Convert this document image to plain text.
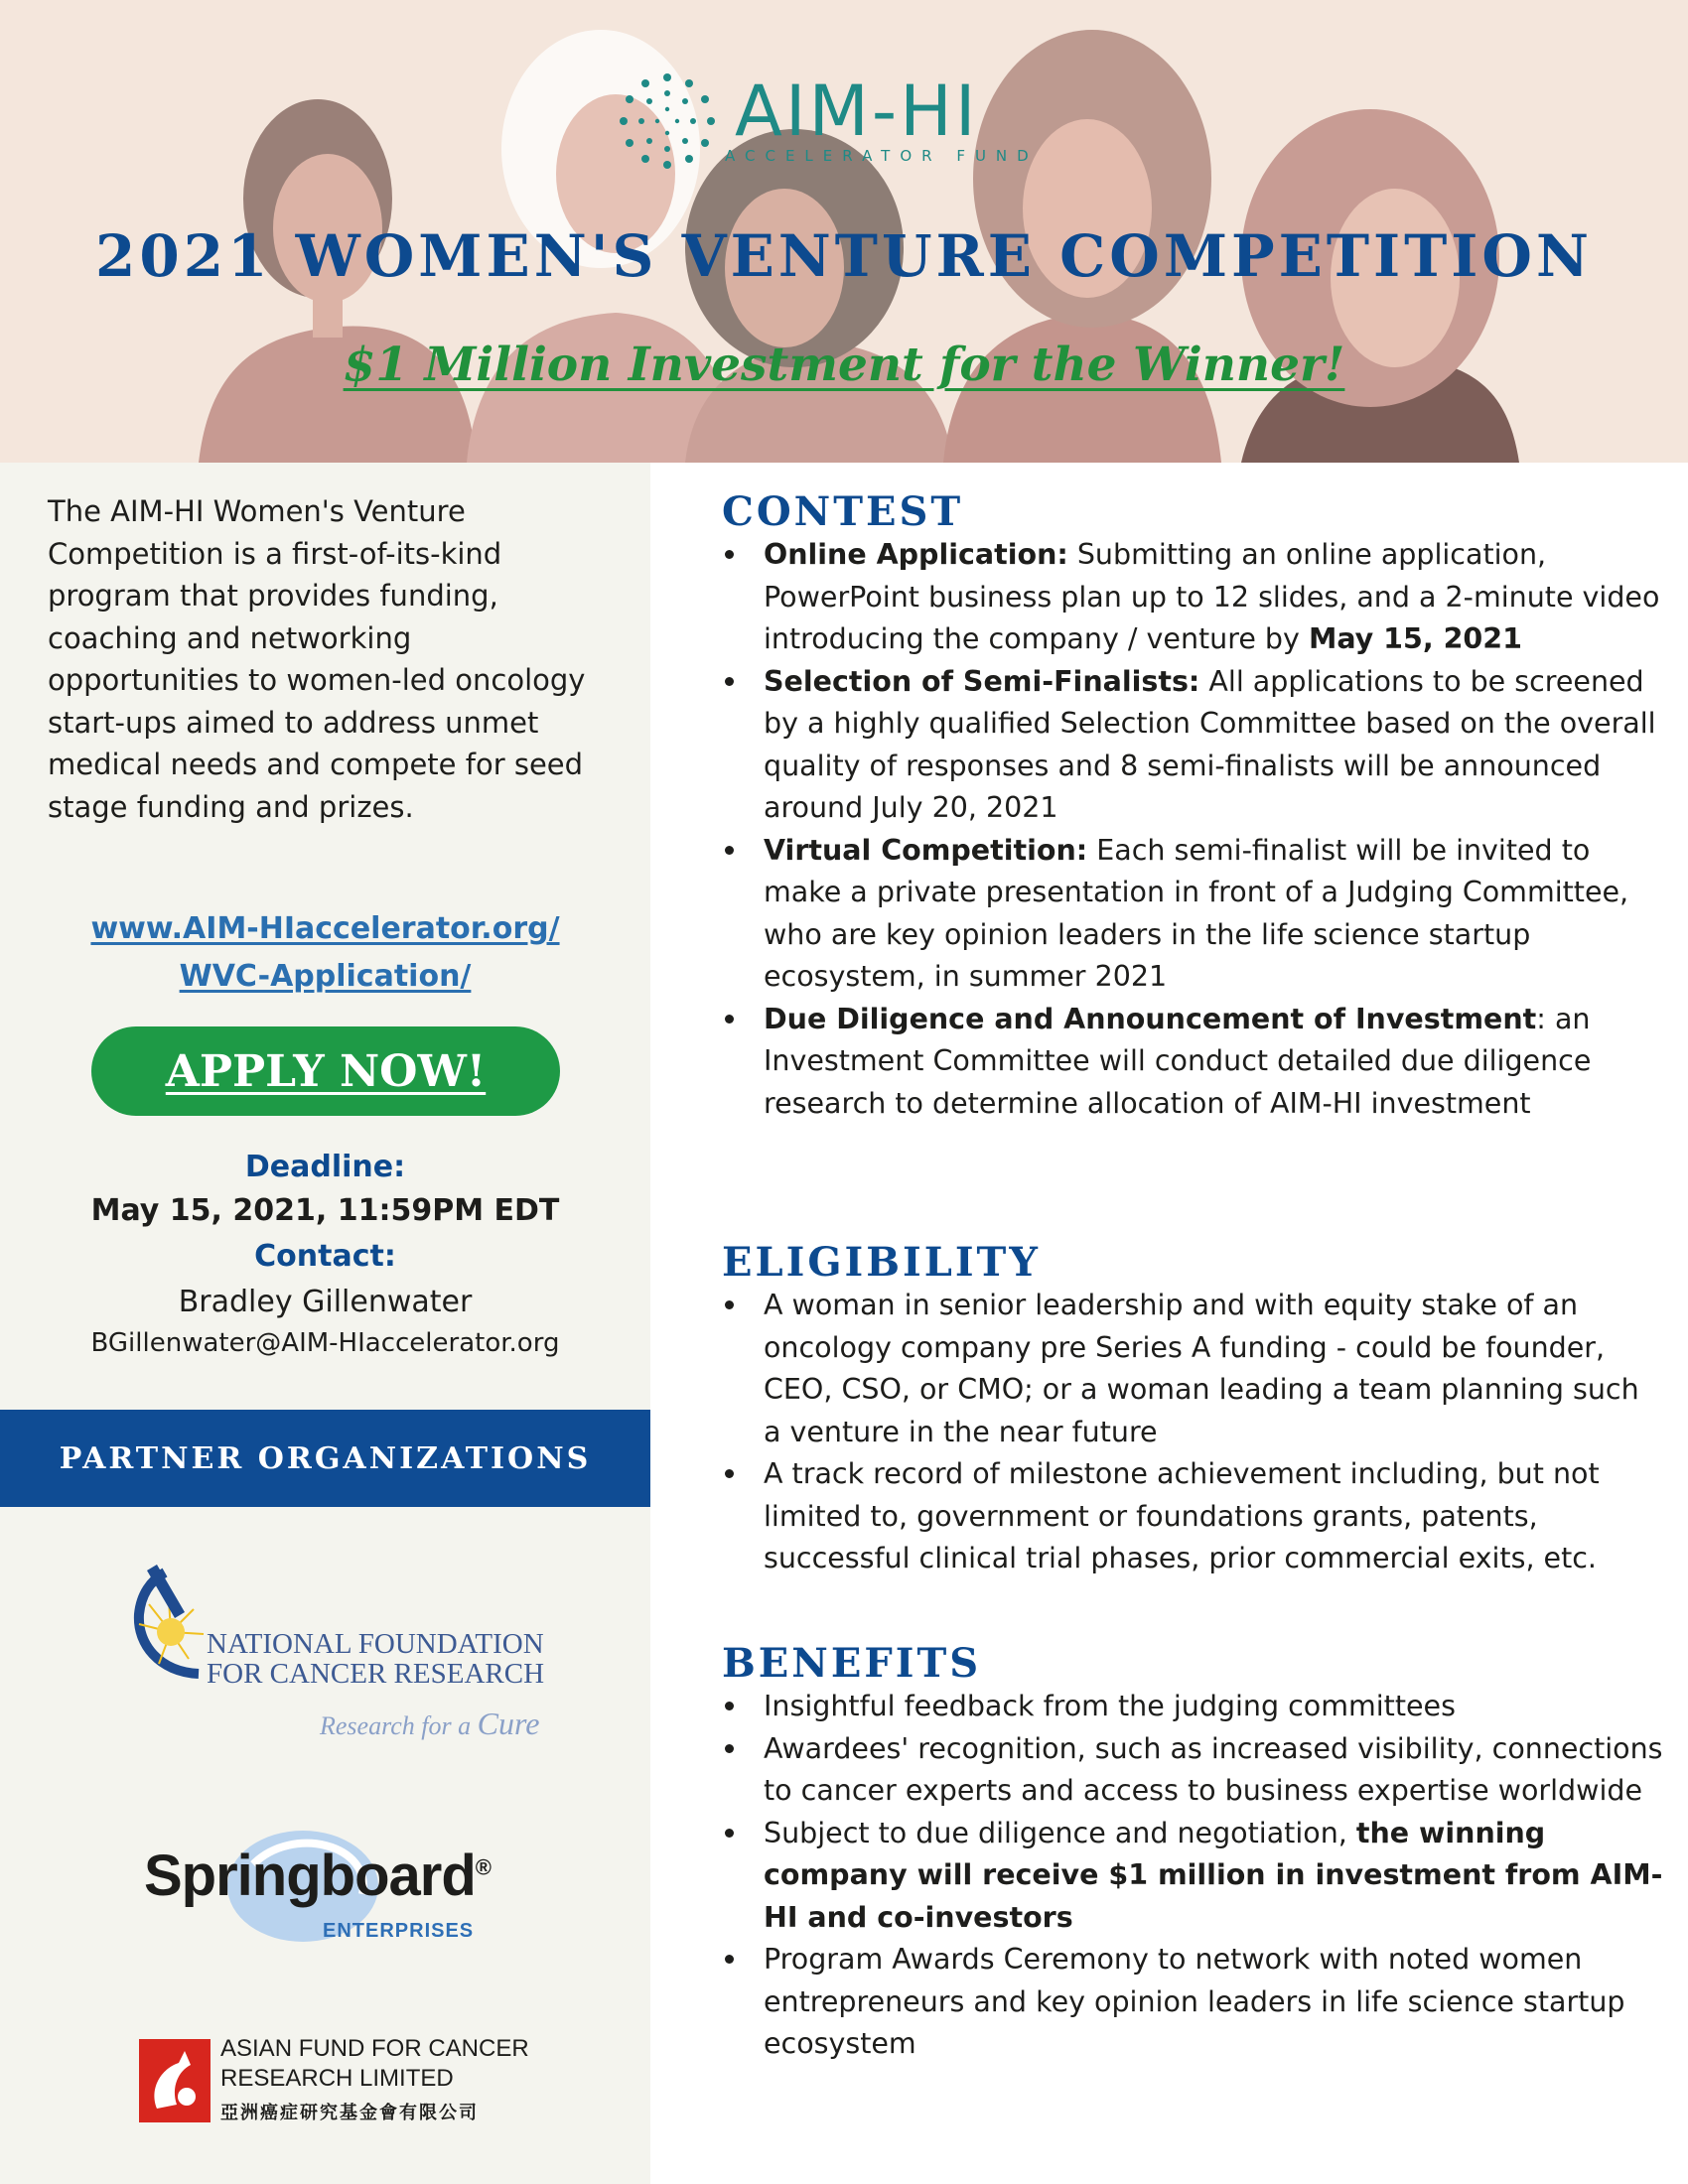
AIM-HI
ACCELERATOR FUND
2021 WOMEN'S VENTURE COMPETITION
$1 Million Investment for the Winner!

The AIM-HI Women's Venture Competition is a first-of-its-kind program that provides funding, coaching and networking opportunities to women-led oncology start-ups aimed to address unmet medical needs and compete for seed stage funding and prizes.

www.AIM-HIaccelerator.org/
WVC-Application/
APPLY NOW!
Deadline:
May 15, 2021, 11:59PM EDT
Contact:
Bradley Gillenwater
BGillenwater@AIM-HIaccelerator.org
PARTNER ORGANIZATIONS
NATIONAL FOUNDATION
FOR CANCER RESEARCH
Research for a Cure
Springboard®
ENTERPRISES
ASIAN FUND FOR CANCER
RESEARCH LIMITED
亞洲癌症研究基金會有限公司
CONTEST
Online Application: Submitting an online application, PowerPoint business plan up to 12 slides, and a 2-minute video introducing the company / venture by May 15, 2021
Selection of Semi-Finalists: All applications to be screened by a highly qualified Selection Committee based on the overall quality of responses and 8 semi-finalists will be announced around July 20, 2021
Virtual Competition: Each semi-finalist will be invited to make a private presentation in front of a Judging Committee, who are key opinion leaders in the life science startup ecosystem, in summer 2021
Due Diligence and Announcement of Investment: an Investment Committee will conduct detailed due diligence research to determine allocation of AIM-HI investment
ELIGIBILITY
A woman in senior leadership and with equity stake of an oncology company pre Series A funding - could be founder, CEO, CSO, or CMO; or a woman leading a team planning such a venture in the near future
A track record of milestone achievement including, but not limited to, government or foundations grants, patents, successful clinical trial phases, prior commercial exits, etc.
BENEFITS
Insightful feedback from the judging committees
Awardees' recognition, such as increased visibility, connections to cancer experts and access to business expertise worldwide
Subject to due diligence and negotiation, the winning company will receive $1 million in investment from AIM-HI and co-investors
Program Awards Ceremony to network with noted women entrepreneurs and key opinion leaders in life science startup ecosystem
